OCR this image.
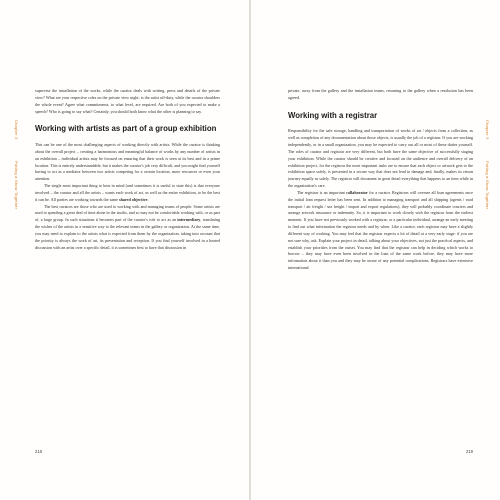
Chapter 3
Putting a Show Together

supervise the installation of the works, while the curator deals with writing, press and details of the private view? What are your respective roles on the private view night: is the artist off-duty, while the curator shoulders the whole event? Agree what commitments, to what level, are required. Are both of you expected to make a speech? Who is going to say what? Certainly, you should both know what the other is planning to say.

Working with artists as part of a group exhibition

This can be one of the most challenging aspects of working directly with artists. While the curator is thinking about the overall project – creating a harmonious and meaningful balance of works by any number of artists in an exhibition – individual artists may be focused on ensuring that their work is seen at its best and in a prime location. This is entirely understandable, but it makes the curator's job very difficult, and you might find yourself having to act as a mediator between two artists competing for a certain location, more resources or even your attention.

The single most important thing to bear in mind (and sometimes it is useful to state this) is that everyone involved – the curator and all the artists – wants each work of art, as well as the entire exhibition, to be the best it can be. All parties are working towards the same shared objective.

The best curators are those who are used to working with and managing teams of people. Some artists are used to spending a great deal of time alone in the studio, and so may not be comfortable working with, or as part of, a large group. In such situations it becomes part of the curator's role to act as an intermediary, translating the wishes of the artists in a sensitive way to the relevant teams in the gallery or organization. At the same time, you may need to explain to the artists what is expected from them by the organization, taking into account that the priority is always the work of art, its presentation and reception. If you find yourself involved in a heated discussion with an artist over a specific detail, it is sometimes best to have that discussion in

218

private, away from the gallery and the installation teams, returning to the gallery when a resolution has been agreed.

Working with a registrar

Responsibility for the safe storage, handling and transportation of works of art / objects from a collection, as well as completion of any documentation about those objects, is usually the job of a registrar. If you are working independently, or in a small organization, you may be expected to carry out all or most of these duties yourself. The roles of curator and registrar are very different, but both have the same objective of successfully staging your exhibition. While the curator should be creative and focused on the audience and overall delivery of an exhibition project, for the registrar the most important tasks are to ensure that each object or artwork gets to the exhibition space safely, is presented in a secure way that does not lead to damage and, finally, makes its return journey equally as safely. The registrar will document in great detail everything that happens to an item while in the organization's care.

The registrar is an important collaborator for a curator. Registrars will oversee all loan agreements once the initial loan request letter has been sent. In addition to managing transport and all shipping (agents / road transport / air freight / sea freight / import and export regulations), they will probably coordinate couriers and arrange artwork insurance or indemnity. So, it is important to work closely with the registrar from the earliest moment. If you have not previously worked with a registrar, or a particular individual, arrange an early meeting to find out what information the registrar needs and by when. Like a curator, each registrar may have a slightly different way of working. You may feel that the registrar expects a lot of detail at a very early stage: if you are not sure why, ask. Explain your project in detail, talking about your objectives, not just the practical aspects, and establish your priorities from the outset. You may find that the registrar can help in deciding which works to borrow – they may have even been involved in the loan of the same work before, they may have more information about it than you and they may be aware of any potential complications. Registrars have extensive international

Chapter 3
Putting a Show Together
219
